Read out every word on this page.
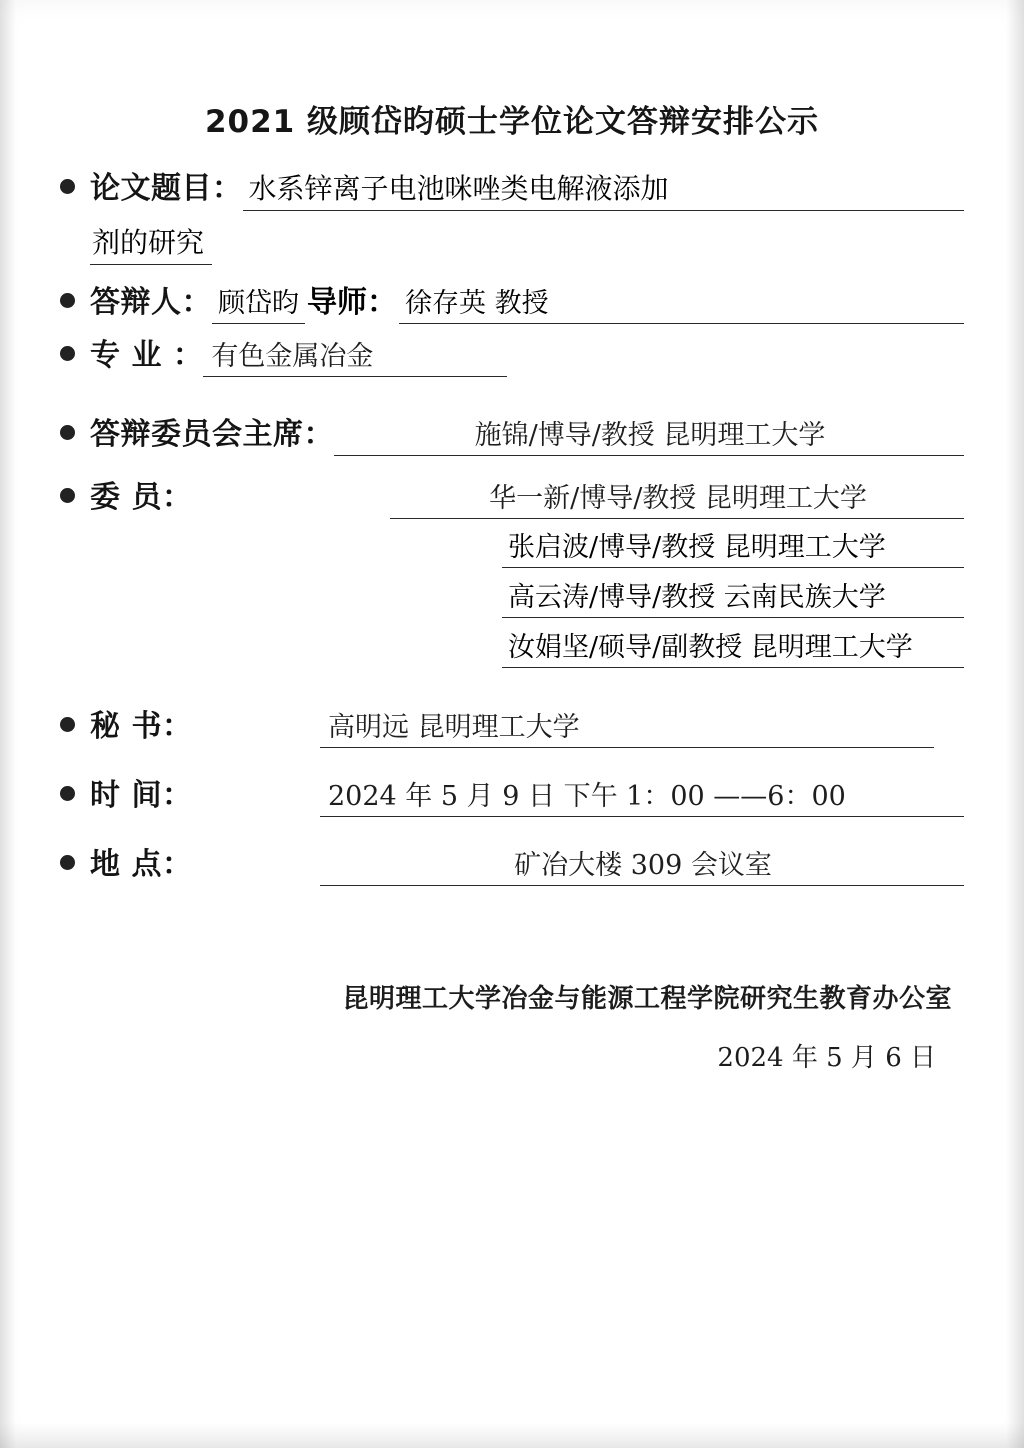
2021 级顾岱昀硕士学位论文答辩安排公示
论文题目： 水系锌离子电池咪唑类电解液添加
剂的研究
答辩人： 顾岱昀 导师： 徐存英 教授
专 业 ： 有色金属冶金
答辩委员会主席：	施锦/博导/教授 昆明理工大学
委 员：	华一新/博导/教授 昆明理工大学
张启波/博导/教授 昆明理工大学
高云涛/博导/教授 云南民族大学
汝娟坚/硕导/副教授 昆明理工大学
秘 书：	高明远 昆明理工大学
时 间：	2024 年 5 月 9 日 下午 1：00 ——6：00
地 点：	矿冶大楼 309 会议室
昆明理工大学冶金与能源工程学院研究生教育办公室
2024 年 5 月 6 日
